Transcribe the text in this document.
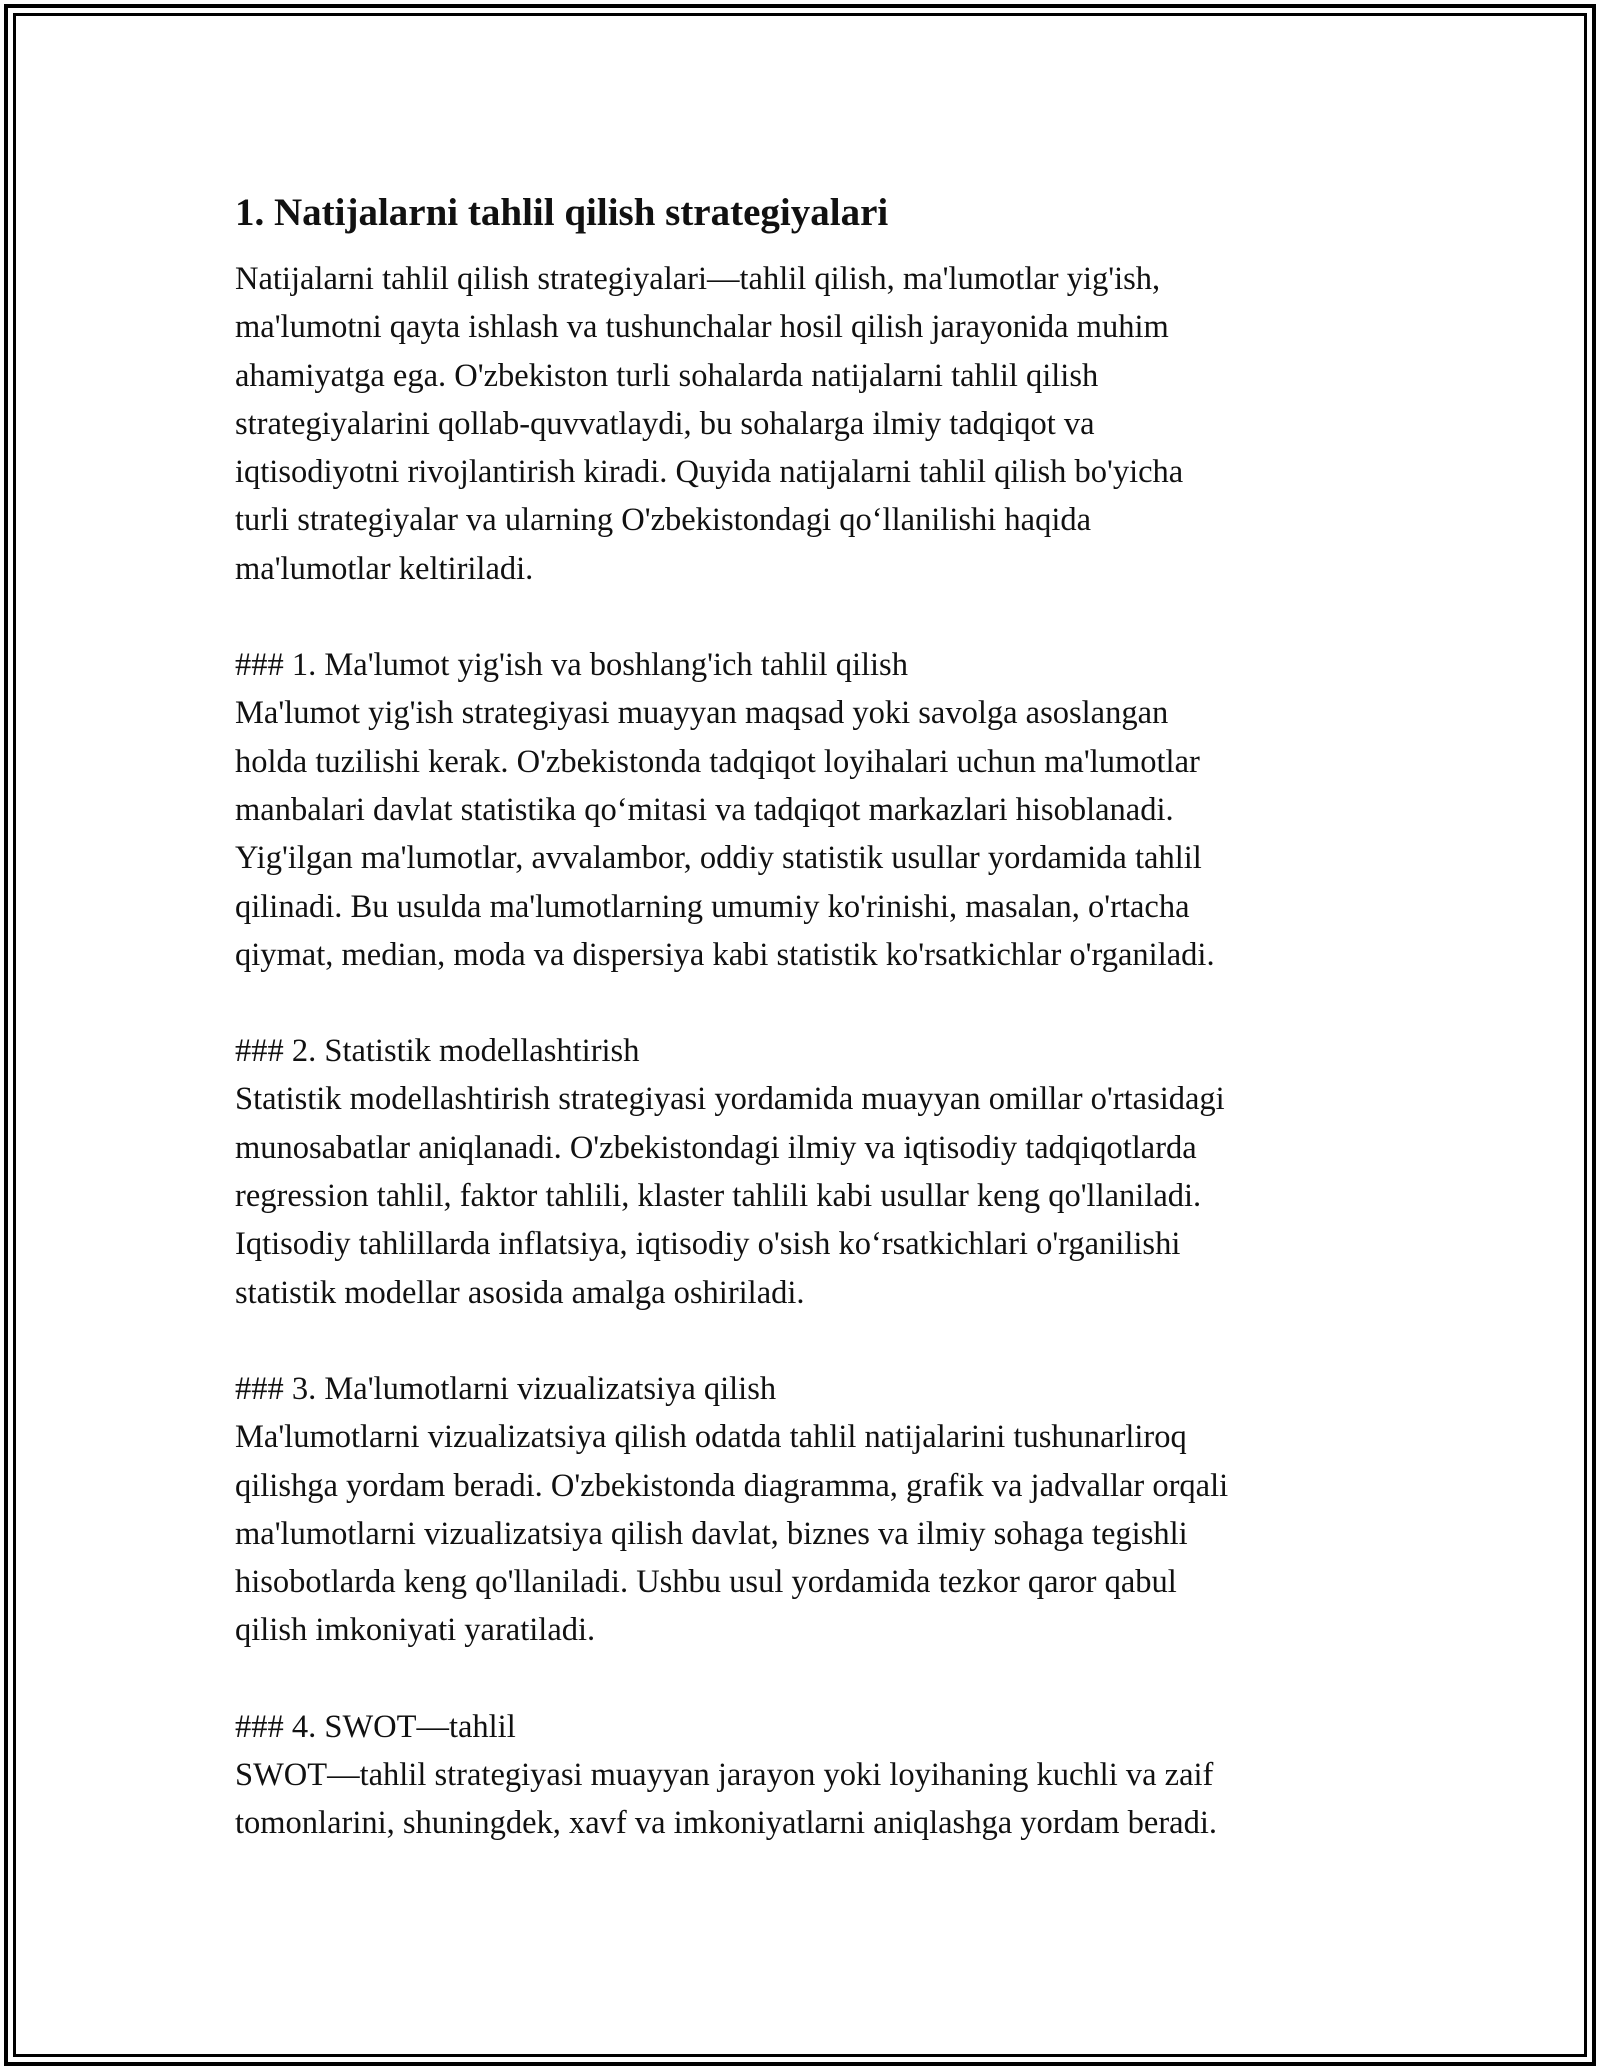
1. Natijalarni tahlil qilish strategiyalari

Natijalarni tahlil qilish strategiyalari—tahlil qilish, ma'lumotlar yig'ish,
ma'lumotni qayta ishlash va tushunchalar hosil qilish jarayonida muhim
ahamiyatga ega. O'zbekiston turli sohalarda natijalarni tahlil qilish
strategiyalarini qollab-quvvatlaydi, bu sohalarga ilmiy tadqiqot va
iqtisodiyotni rivojlantirish kiradi. Quyida natijalarni tahlil qilish bo'yicha
turli strategiyalar va ularning O'zbekistondagi qo‘llanilishi haqida
ma'lumotlar keltiriladi.

### 1. Ma'lumot yig'ish va boshlang'ich tahlil qilish

Ma'lumot yig'ish strategiyasi muayyan maqsad yoki savolga asoslangan
holda tuzilishi kerak. O'zbekistonda tadqiqot loyihalari uchun ma'lumotlar
manbalari davlat statistika qo‘mitasi va tadqiqot markazlari hisoblanadi.
Yig'ilgan ma'lumotlar, avvalambor, oddiy statistik usullar yordamida tahlil
qilinadi. Bu usulda ma'lumotlarning umumiy ko'rinishi, masalan, o'rtacha
qiymat, median, moda va dispersiya kabi statistik ko'rsatkichlar o'rganiladi.

### 2. Statistik modellashtirish

Statistik modellashtirish strategiyasi yordamida muayyan omillar o'rtasidagi
munosabatlar aniqlanadi. O'zbekistondagi ilmiy va iqtisodiy tadqiqotlarda
regression tahlil, faktor tahlili, klaster tahlili kabi usullar keng qo'llaniladi.
Iqtisodiy tahlillarda inflatsiya, iqtisodiy o'sish ko‘rsatkichlari o'rganilishi
statistik modellar asosida amalga oshiriladi.

### 3. Ma'lumotlarni vizualizatsiya qilish

Ma'lumotlarni vizualizatsiya qilish odatda tahlil natijalarini tushunarliroq
qilishga yordam beradi. O'zbekistonda diagramma, grafik va jadvallar orqali
ma'lumotlarni vizualizatsiya qilish davlat, biznes va ilmiy sohaga tegishli
hisobotlarda keng qo'llaniladi. Ushbu usul yordamida tezkor qaror qabul
qilish imkoniyati yaratiladi.

### 4. SWOT—tahlil

SWOT—tahlil strategiyasi muayyan jarayon yoki loyihaning kuchli va zaif
tomonlarini, shuningdek, xavf va imkoniyatlarni aniqlashga yordam beradi.
